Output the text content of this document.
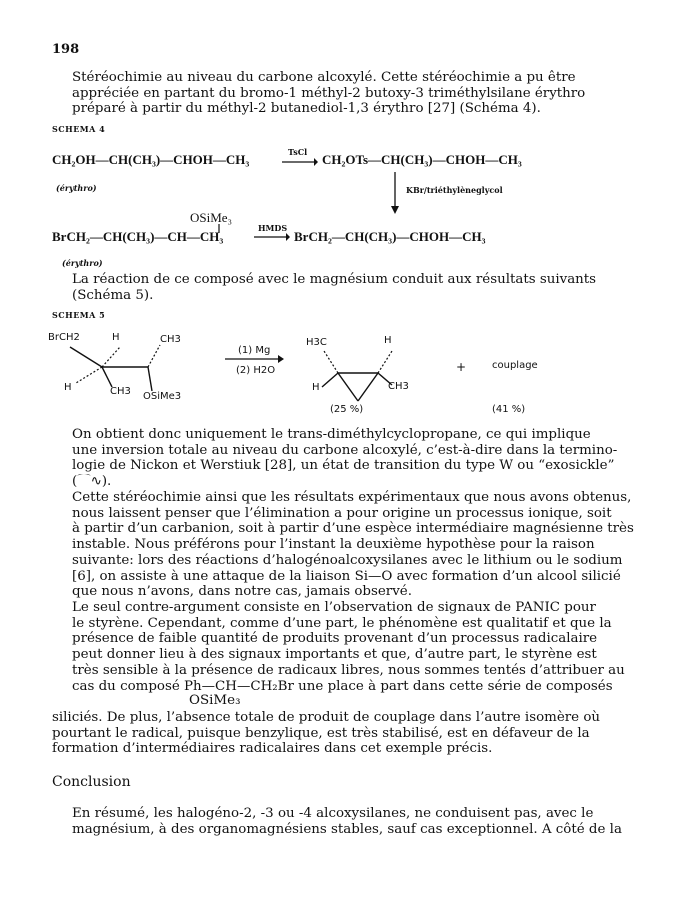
198
Stéréochimie au niveau du carbone alcoxylé. Cette stéréochimie a pu être
appréciée en partant du bromo-1 méthyl-2 butoxy-3 triméthylsilane érythro
préparé à partir du méthyl-2 butanediol-1,3 érythro [27] (Schéma 4).
SCHEMA 4
CH₂OH—CH(CH₃)—CHOH—CH₃	TsCl → CH₂OTs—CH(CH₃)—CHOH—CH₃
(érythro)	KBr/triéthylèneglycol
OSiMe₃
BrCH₂—CH(CH₃)—CH—CH₃
HMDS
→ BrCH₂—CH(CH₃)—CHOH—CH₃
(érythro)
La réaction de ce composé avec le magnésium conduit aux résultats suivants
(Schéma 5).
SCHEMA 5
BrCH2	H	CH3
H	CH3 OSiMe3
(1) Mg
(2) H2O
H3C	H
H	CH3
+	couplage
(25 %)	(41 %)
On obtient donc uniquement le trans-diméthylcyclopropane, ce qui implique
une inversion totale au niveau du carbone alcoxylé, c’est-à-dire dans la termino-
logie de Nickon et Werstiuk [28], un état de transition du type W ou “exosickle”
(⌒∿).
Cette stéréochimie ainsi que les résultats expérimentaux que nous avons obtenus,
nous laissent penser que l’élimination a pour origine un processus ionique, soit
à partir d’un carbanion, soit à partir d’une espèce intermédiaire magnésienne très
instable. Nous préférons pour l’instant la deuxième hypothèse pour la raison
suivante: lors des réactions d’halogénoalcoxysilanes avec le lithium ou le sodium
[6], on assiste à une attaque de la liaison Si—O avec formation d’un alcool silicié
que nous n’avons, dans notre cas, jamais observé.
Le seul contre-argument consiste en l’observation de signaux de PANIC pour
le styrène. Cependant, comme d’une part, le phénomène est qualitatif et que la
présence de faible quantité de produits provenant d’un processus radicalaire
peut donner lieu à des signaux importants et que, d’autre part, le styrène est
très sensible à la présence de radicaux libres, nous sommes tentés d’attribuer au
cas du composé Ph—CH—CH₂Br une place à part dans cette série de composés
OSiMe₃
siliciés. De plus, l’absence totale de produit de couplage dans l’autre isomère où
pourtant le radical, puisque benzylique, est très stabilisé, est en défaveur de la
formation d’intermédiaires radicalaires dans cet exemple précis.
Conclusion
En résumé, les halogéno-2, -3 ou -4 alcoxysilanes, ne conduisent pas, avec le
magnésium, à des organomagnésiens stables, sauf cas exceptionnel. A côté de la
